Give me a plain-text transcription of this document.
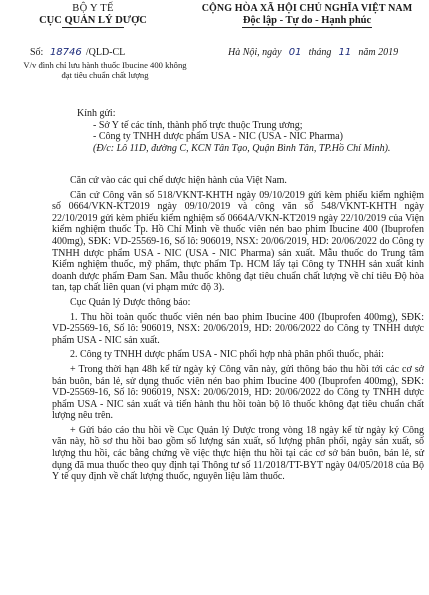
BỘ Y TẾ
CỤC QUẢN LÝ DƯỢC
CỘNG HÒA XÃ HỘI CHỦ NGHĨA VIỆT NAM
Độc lập - Tự do - Hạnh phúc
Số: 18746 /QLD-CL	Hà Nội, ngày 01 tháng 11 năm 2019
V/v đình chỉ lưu hành thuốc Ibucine 400 không đạt tiêu chuẩn chất lượng
Kính gửi:
- Sở Y tế các tỉnh, thành phố trực thuộc Trung ương;
- Công ty TNHH dược phẩm USA - NIC (USA - NIC Pharma)
(Đ/c: Lô 11D, đường C, KCN Tân Tạo, Quận Bình Tân, TP.Hồ Chí Minh).

Căn cứ vào các qui chế dược hiện hành của Việt Nam.

Căn cứ Công văn số 518/VKNT-KHTH ngày 09/10/2019 gửi kèm phiếu kiểm nghiệm số 0664/VKN-KT2019 ngày 09/10/2019 và công văn số 548/VKNT-KHTH ngày 22/10/2019 gửi kèm phiếu kiểm nghiệm số 0664A/VKN-KT2019 ngày 22/10/2019 của Viện kiểm nghiệm thuốc Tp. Hồ Chí Minh về thuốc viên nén bao phim Ibucine 400 (Ibuprofen 400mg), SĐK: VD-25569-16, Số lô: 906019, NSX: 20/06/2019, HD: 20/06/2022 do Công ty TNHH dược phẩm USA - NIC (USA - NIC Pharma) sản xuất. Mẫu thuốc do Trung tâm Kiểm nghiệm thuốc, mỹ phẩm, thực phẩm Tp. HCM lấy tại Công ty TNHH sản xuất kinh doanh dược phẩm Đam San. Mẫu thuốc không đạt tiêu chuẩn chất lượng về chỉ tiêu Độ hòa tan, tạp chất liên quan (vi phạm mức độ 3).

Cục Quản lý Dược thông báo:

1. Thu hồi toàn quốc thuốc viên nén bao phim Ibucine 400 (Ibuprofen 400mg), SĐK: VD-25569-16, Số lô: 906019, NSX: 20/06/2019, HD: 20/06/2022 do Công ty TNHH dược phẩm USA - NIC sản xuất.

2. Công ty TNHH dược phẩm USA - NIC phối hợp nhà phân phối thuốc, phải:

+ Trong thời hạn 48h kể từ ngày ký Công văn này, gửi thông báo thu hồi tới các cơ sở bán buôn, bán lẻ, sử dụng thuốc viên nén bao phim Ibucine 400 (Ibuprofen 400mg), SĐK: VD-25569-16, Số lô: 906019, NSX: 20/06/2019, HD: 20/06/2022 do Công ty TNHH dược phẩm USA - NIC sản xuất và tiến hành thu hồi toàn bộ lô thuốc không đạt tiêu chuẩn chất lượng nêu trên.

+ Gửi báo cáo thu hồi về Cục Quản lý Dược trong vòng 18 ngày kể từ ngày ký Công văn này, hồ sơ thu hồi bao gồm số lượng sản xuất, số lượng phân phối, ngày sản xuất, số lượng thu hồi, các bằng chứng về việc thực hiện thu hồi tại các cơ sở bán buôn, bán lẻ, sử dụng đã mua thuốc theo quy định tại Thông tư số 11/2018/TT-BYT ngày 04/05/2018 của Bộ Y tế quy định về chất lượng thuốc, nguyên liệu làm thuốc.
